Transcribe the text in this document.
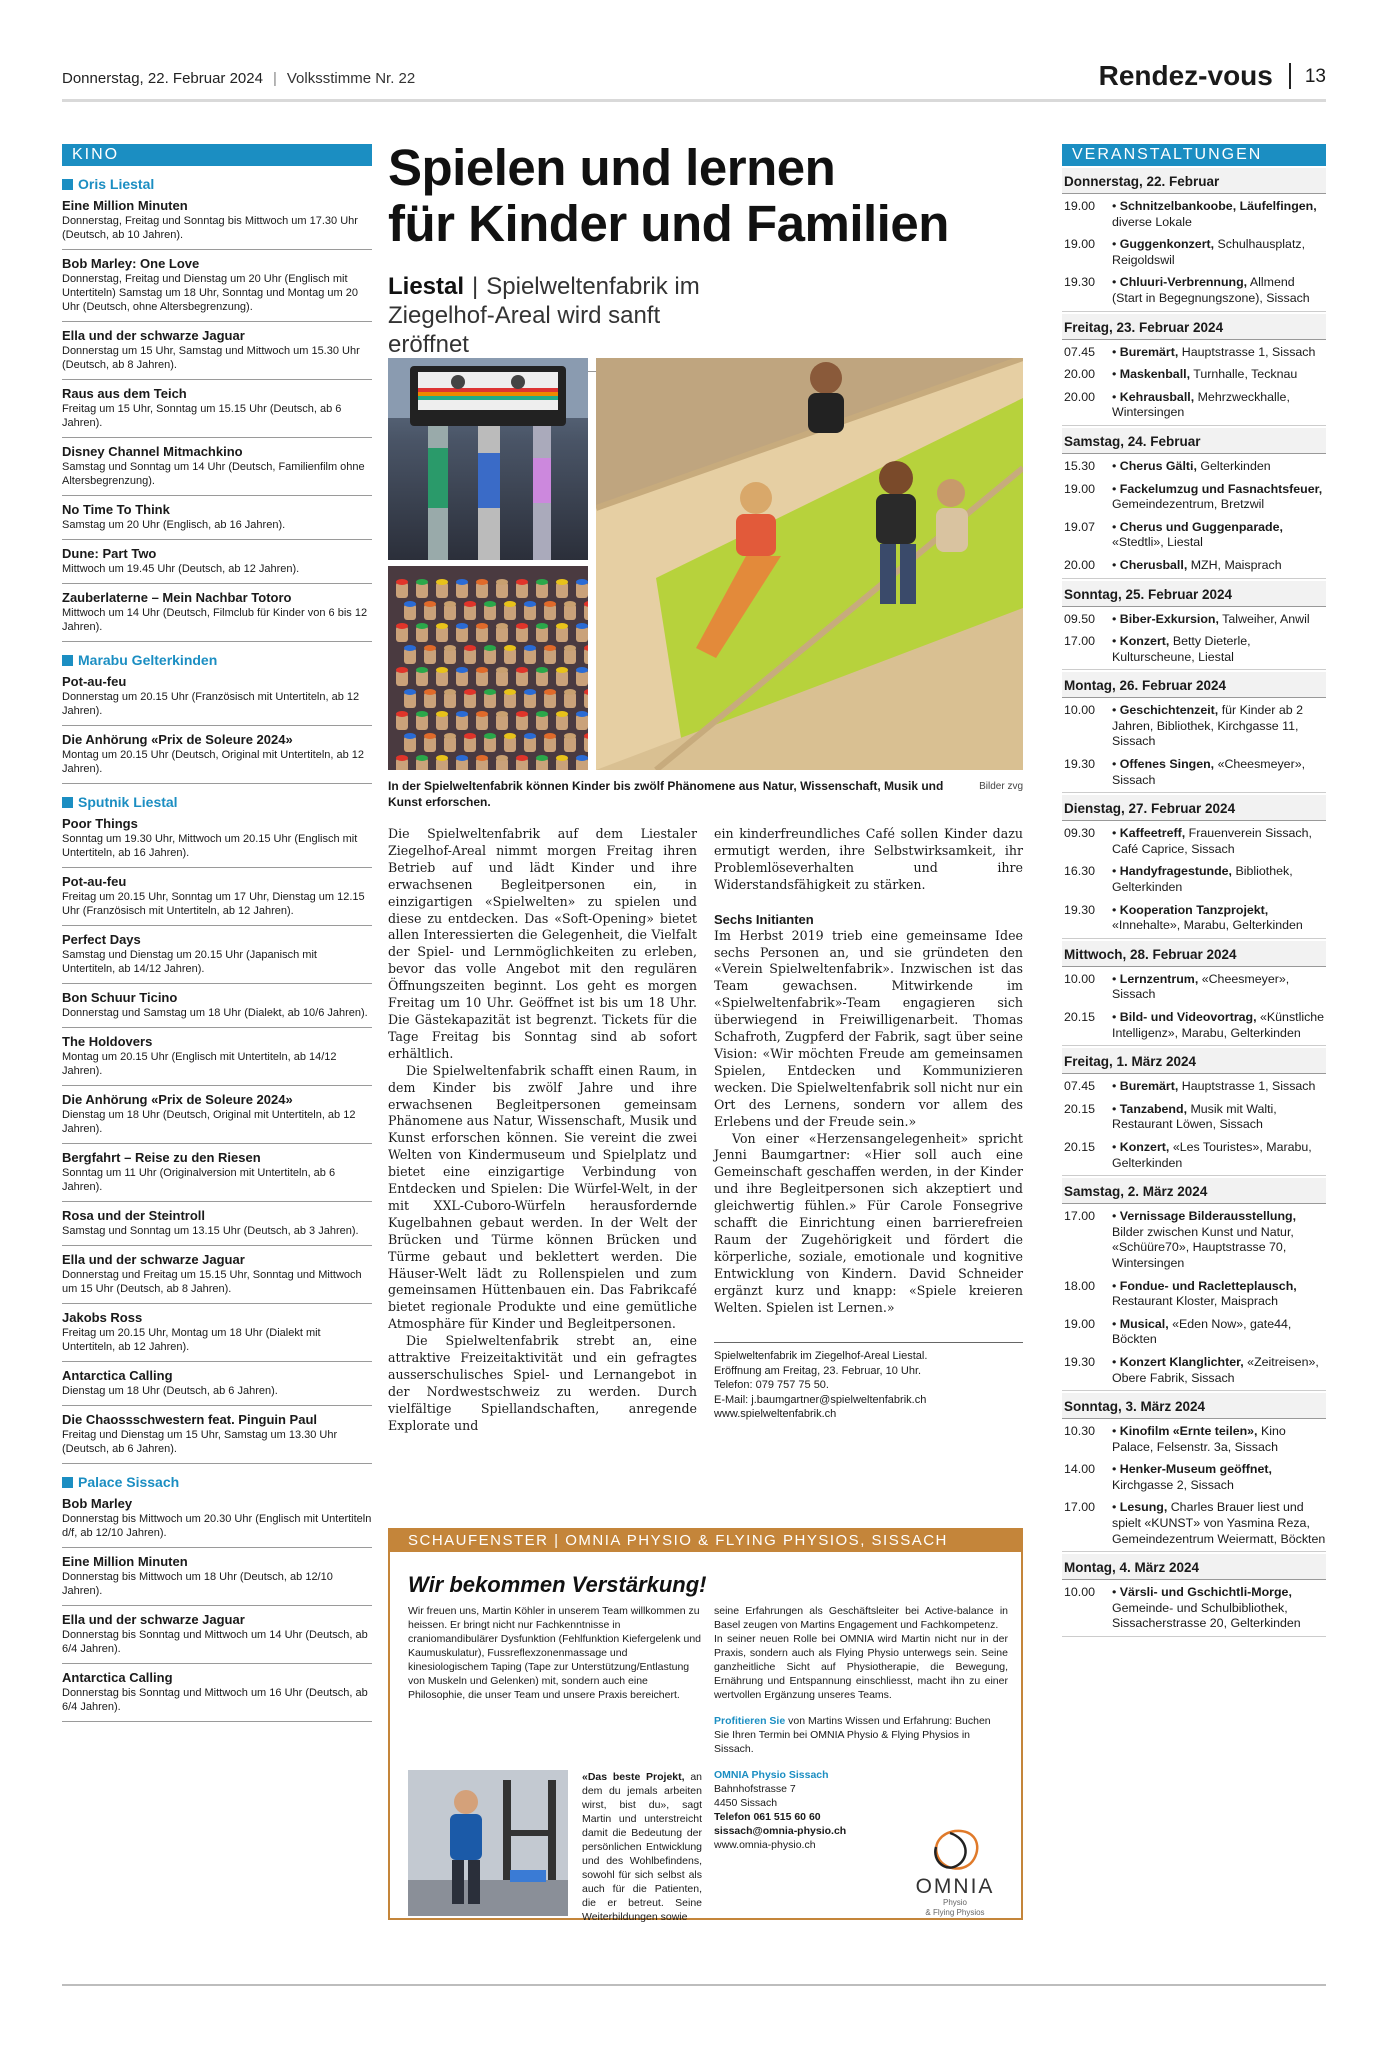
Donnerstag, 22. Februar 2024 | Volksstimme Nr. 22	Rendez-vous 13
KINO
Oris Liestal
Eine Million Minuten
Donnerstag, Freitag und Sonntag bis Mittwoch um 17.30 Uhr (Deutsch, ab 10 Jahren).
Bob Marley: One Love
Donnerstag, Freitag und Dienstag um 20 Uhr (Englisch mit Untertiteln) Samstag um 18 Uhr, Sonntag und Montag um 20 Uhr (Deutsch, ohne Altersbegrenzung).
Ella und der schwarze Jaguar
Donnerstag um 15 Uhr, Samstag und Mittwoch um 15.30 Uhr (Deutsch, ab 8 Jahren).
Raus aus dem Teich
Freitag um 15 Uhr, Sonntag um 15.15 Uhr (Deutsch, ab 6 Jahren).
Disney Channel Mitmachkino
Samstag und Sonntag um 14 Uhr (Deutsch, Familienfilm ohne Altersbegrenzung).
No Time To Think
Samstag um 20 Uhr (Englisch, ab 16 Jahren).
Dune: Part Two
Mittwoch um 19.45 Uhr (Deutsch, ab 12 Jahren).
Zauberlaterne – Mein Nachbar Totoro
Mittwoch um 14 Uhr (Deutsch, Filmclub für Kinder von 6 bis 12 Jahren).
Marabu Gelterkinden
Pot-au-feu
Donnerstag um 20.15 Uhr (Französisch mit Untertiteln, ab 12 Jahren).
Die Anhörung «Prix de Soleure 2024»
Montag um 20.15 Uhr (Deutsch, Original mit Untertiteln, ab 12 Jahren).
Sputnik Liestal
Poor Things
Sonntag um 19.30 Uhr, Mittwoch um 20.15 Uhr (Englisch mit Untertiteln, ab 16 Jahren).
Pot-au-feu
Freitag um 20.15 Uhr, Sonntag um 17 Uhr, Dienstag um 12.15 Uhr (Französisch mit Untertiteln, ab 12 Jahren).
Perfect Days
Samstag und Dienstag um 20.15 Uhr (Japanisch mit Untertiteln, ab 14/12 Jahren).
Bon Schuur Ticino
Donnerstag und Samstag um 18 Uhr (Dialekt, ab 10/6 Jahren).
The Holdovers
Montag um 20.15 Uhr (Englisch mit Untertiteln, ab 14/12 Jahren).
Die Anhörung «Prix de Soleure 2024»
Dienstag um 18 Uhr (Deutsch, Original mit Untertiteln, ab 12 Jahren).
Bergfahrt – Reise zu den Riesen
Sonntag um 11 Uhr (Originalversion mit Untertiteln, ab 6 Jahren).
Rosa und der Steintroll
Samstag und Sonntag um 13.15 Uhr (Deutsch, ab 3 Jahren).
Ella und der schwarze Jaguar
Donnerstag und Freitag um 15.15 Uhr, Sonntag und Mittwoch um 15 Uhr (Deutsch, ab 8 Jahren).
Jakobs Ross
Freitag um 20.15 Uhr, Montag um 18 Uhr (Dialekt mit Untertiteln, ab 12 Jahren).
Antarctica Calling
Dienstag um 18 Uhr (Deutsch, ab 6 Jahren).
Die Chaossschwestern feat. Pinguin Paul
Freitag und Dienstag um 15 Uhr, Samstag um 13.30 Uhr (Deutsch, ab 6 Jahren).
Palace Sissach
Bob Marley
Donnerstag bis Mittwoch um 20.30 Uhr (Englisch mit Untertiteln d/f, ab 12/10 Jahren).
Eine Million Minuten
Donnerstag bis Mittwoch um 18 Uhr (Deutsch, ab 12/10 Jahren).
Ella und der schwarze Jaguar
Donnerstag bis Sonntag und Mittwoch um 14 Uhr (Deutsch, ab 6/4 Jahren).
Antarctica Calling
Donnerstag bis Sonntag und Mittwoch um 16 Uhr (Deutsch, ab 6/4 Jahren).
Spielen und lernen
für Kinder und Familien
Liestal | Spielweltenfabrik im Ziegelhof-Areal wird sanft eröffnet
Bilder zvg
In der Spielweltenfabrik können Kinder bis zwölf Phänomene aus Natur, Wissenschaft, Musik und Kunst erforschen.

Die Spielweltenfabrik auf dem Liestaler Ziegelhof-Areal nimmt morgen Freitag ihren Betrieb auf und lädt Kinder und ihre erwachsenen Begleitpersonen ein, in einzigartigen «Spielwelten» zu spielen und diese zu entdecken. Das «Soft-Opening» bietet allen Interessierten die Gelegenheit, die Vielfalt der Spiel- und Lernmöglichkeiten zu erleben, bevor das volle Angebot mit den regulären Öffnungszeiten beginnt. Los geht es morgen Freitag um 10 Uhr. Geöffnet ist bis um 18 Uhr. Die Gästekapazität ist begrenzt. Tickets für die Tage Freitag bis Sonntag sind ab sofort erhältlich.

Die Spielweltenfabrik schafft einen Raum, in dem Kinder bis zwölf Jahre und ihre erwachsenen Begleitpersonen gemeinsam Phänomene aus Natur, Wissenschaft, Musik und Kunst erforschen können. Sie vereint die zwei Welten von Kindermuseum und Spielplatz und bietet eine einzigartige Verbindung von Entdecken und Spielen: Die Würfel-Welt, in der mit XXL-Cuboro-Würfeln herausfordernde Kugelbahnen gebaut werden. In der Welt der Brücken und Türme können Brücken und Türme gebaut und beklettert werden. Die Häuser-Welt lädt zu Rollenspielen und zum gemeinsamen Hüttenbauen ein. Das Fabrikcafé bietet regionale Produkte und eine gemütliche Atmosphäre für Kinder und Begleitpersonen.

Die Spielweltenfabrik strebt an, eine attraktive Freizeitaktivität und ein gefragtes ausserschulisches Spiel- und Lernangebot in der Nordwestschweiz zu werden. Durch vielfältige Spiellandschaften, anregende Explorate und

ein kinderfreundliches Café sollen Kinder dazu ermutigt werden, ihre Selbstwirksamkeit, ihr Problemlöseverhalten und ihre Widerstandsfähigkeit zu stärken.

Sechs Initianten
Im Herbst 2019 trieb eine gemeinsame Idee sechs Personen an, und sie gründeten den «Verein Spielweltenfabrik». Inzwischen ist das Team gewachsen. Mitwirkende im «Spielweltenfabrik»-Team engagieren sich überwiegend in Freiwilligenarbeit. Thomas Schafroth, Zugpferd der Fabrik, sagt über seine Vision: «Wir möchten Freude am gemeinsamen Spielen, Entdecken und Kommunizieren wecken. Die Spielweltenfabrik soll nicht nur ein Ort des Lernens, sondern vor allem des Erlebens und der Freude sein.»
Von einer «Herzensangelegenheit» spricht Jenni Baumgartner: «Hier soll auch eine Gemeinschaft geschaffen werden, in der Kinder und ihre Begleitpersonen sich akzeptiert und gleichwertig fühlen.» Für Carole Fonsegrive schafft die Einrichtung einen barrierefreien Raum der Zugehörigkeit und fördert die körperliche, soziale, emotionale und kognitive Entwicklung von Kindern. David Schneider ergänzt kurz und knapp: «Spiele kreieren Welten. Spielen ist Lernen.»
Spielweltenfabrik im Ziegelhof-Areal Liestal.
Eröffnung am Freitag, 23. Februar, 10 Uhr.
Telefon: 079 757 75 50.
E-Mail: j.baumgartner@spielweltenfabrik.ch
www.spielweltenfabrik.ch
SCHAUFENSTER | OMNIA PHYSIO & FLYING PHYSIOS, SISSACH
Wir bekommen Verstärkung!
Wir freuen uns, Martin Köhler in unserem Team willkommen zu heissen. Er bringt nicht nur Fachkenntnisse in craniomandibulärer Dysfunktion (Fehlfunktion Kiefergelenk und Kaumuskulatur), Fussreflexzonenmassage und kinesiologischem Taping (Tape zur Unterstützung/Entlastung von Muskeln und Gelenken) mit, sondern auch eine Philosophie, die unser Team und unsere Praxis bereichert.
«Das beste Projekt, an dem du jemals arbeiten wirst, bist du», sagt Martin und unterstreicht damit die Bedeutung der persönlichen Entwicklung und des Wohlbefindens, sowohl für sich selbst als auch für die Patienten, die er betreut. Seine Weiterbildungen sowie
seine Erfahrungen als Geschäftsleiter bei Active-balance in Basel zeugen von Martins Engagement und Fachkompetenz.
In seiner neuen Rolle bei OMNIA wird Martin nicht nur in der Praxis, sondern auch als Flying Physio unterwegs sein. Seine ganzheitliche Sicht auf Physiotherapie, die Bewegung, Ernährung und Entspannung einschliesst, macht ihn zu einer wertvollen Ergänzung unseres Teams.
Profitieren Sie von Martins Wissen und Erfahrung: Buchen Sie Ihren Termin bei OMNIA Physio & Flying Physios in Sissach.
OMNIA Physio Sissach
Bahnhofstrasse 7
4450 Sissach
Telefon 061 515 60 60
sissach@omnia-physio.ch
www.omnia-physio.ch
OMNIA
Physio
& Flying Physios
VERANSTALTUNGEN
Donnerstag, 22. Februar
19.00	• Schnitzelbankoobe, Läufelfingen, diverse Lokale
19.00	• Guggenkonzert, Schulhausplatz, Reigoldswil
19.30	• Chluuri-Verbrennung, Allmend (Start in Begegnungszone), Sissach
Freitag, 23. Februar 2024
07.45	• Buremärt, Hauptstrasse 1, Sissach
20.00	• Maskenball, Turnhalle, Tecknau
20.00	• Kehrausball, Mehrzweckhalle, Wintersingen
Samstag, 24. Februar
15.30	• Cherus Gälti, Gelterkinden
19.00	• Fackelumzug und Fasnachtsfeuer, Gemeindezentrum, Bretzwil
19.07	• Cherus und Guggenparade, «Stedtli», Liestal
20.00	• Cherusball, MZH, Maisprach
Sonntag, 25. Februar 2024
09.50	• Biber-Exkursion, Talweiher, Anwil
17.00	• Konzert, Betty Dieterle, Kulturscheune, Liestal
Montag, 26. Februar 2024
10.00	• Geschichtenzeit, für Kinder ab 2 Jahren, Bibliothek, Kirchgasse 11, Sissach
19.30	• Offenes Singen, «Cheesmeyer», Sissach
Dienstag, 27. Februar 2024
09.30	• Kaffeetreff, Frauenverein Sissach, Café Caprice, Sissach
16.30	• Handyfragestunde, Bibliothek, Gelterkinden
19.30	• Kooperation Tanzprojekt, «Innehalte», Marabu, Gelterkinden
Mittwoch, 28. Februar 2024
10.00	• Lernzentrum, «Cheesmeyer», Sissach
20.15	• Bild- und Videovortrag, «Künstliche Intelligenz», Marabu, Gelterkinden
Freitag, 1. März 2024
07.45	• Buremärt, Hauptstrasse 1, Sissach
20.15	• Tanzabend, Musik mit Walti, Restaurant Löwen, Sissach
20.15	• Konzert, «Les Touristes», Marabu, Gelterkinden
Samstag, 2. März 2024
17.00	• Vernissage Bilderausstellung, Bilder zwischen Kunst und Natur, «Schüüre70», Hauptstrasse 70, Wintersingen
18.00	• Fondue- und Racletteplausch, Restaurant Kloster, Maisprach
19.00	• Musical, «Eden Now», gate44, Böckten
19.30	• Konzert Klanglichter, «Zeitreisen», Obere Fabrik, Sissach
Sonntag, 3. März 2024
10.30	• Kinofilm «Ernte teilen», Kino Palace, Felsenstr. 3a, Sissach
14.00	• Henker-Museum geöffnet, Kirchgasse 2, Sissach
17.00	• Lesung, Charles Brauer liest und spielt «KUNST» von Yasmina Reza, Gemeindezentrum Weiermatt, Böckten
Montag, 4. März 2024
10.00	• Värsli- und Gschichtli-Morge, Gemeinde- und Schulbibliothek, Sissacherstrasse 20, Gelterkinden
